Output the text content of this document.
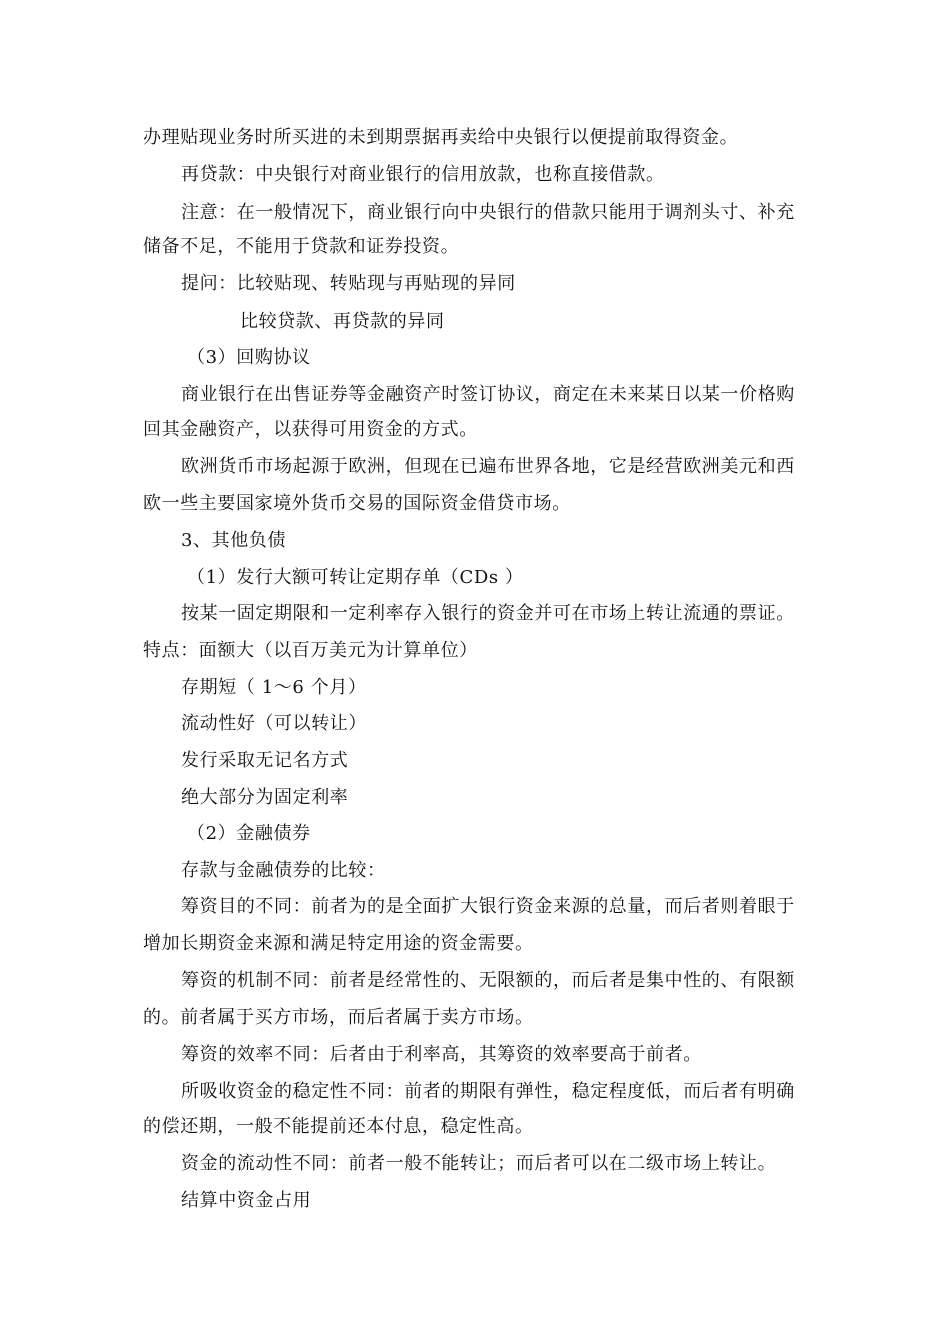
办理贴现业务时所买进的未到期票据再卖给中央银行以便提前取得资金。
再贷款：中央银行对商业银行的信用放款，也称直接借款。
注意：在一般情况下，商业银行向中央银行的借款只能用于调剂头寸、补充
储备不足，不能用于贷款和证券投资。
提问：比较贴现、转贴现与再贴现的异同
比较贷款、再贷款的异同
（3）回购协议
商业银行在出售证券等金融资产时签订协议，商定在未来某日以某一价格购
回其金融资产，以获得可用资金的方式。
欧洲货币市场起源于欧洲，但现在已遍布世界各地，它是经营欧洲美元和西
欧一些主要国家境外货币交易的国际资金借贷市场。
3、其他负债
（1）发行大额可转让定期存单（CDs ）
按某一固定期限和一定利率存入银行的资金并可在市场上转让流通的票证。
特点：面额大（以百万美元为计算单位）
存期短（ 1～6 个月）
流动性好（可以转让）
发行采取无记名方式
绝大部分为固定利率
（2）金融债券
存款与金融债券的比较：
筹资目的不同：前者为的是全面扩大银行资金来源的总量，而后者则着眼于
增加长期资金来源和满足特定用途的资金需要。
筹资的机制不同：前者是经常性的、无限额的，而后者是集中性的、有限额
的。前者属于买方市场，而后者属于卖方市场。
筹资的效率不同：后者由于利率高，其筹资的效率要高于前者。
所吸收资金的稳定性不同：前者的期限有弹性，稳定程度低，而后者有明确
的偿还期，一般不能提前还本付息，稳定性高。
资金的流动性不同：前者一般不能转让；而后者可以在二级市场上转让。
结算中资金占用
